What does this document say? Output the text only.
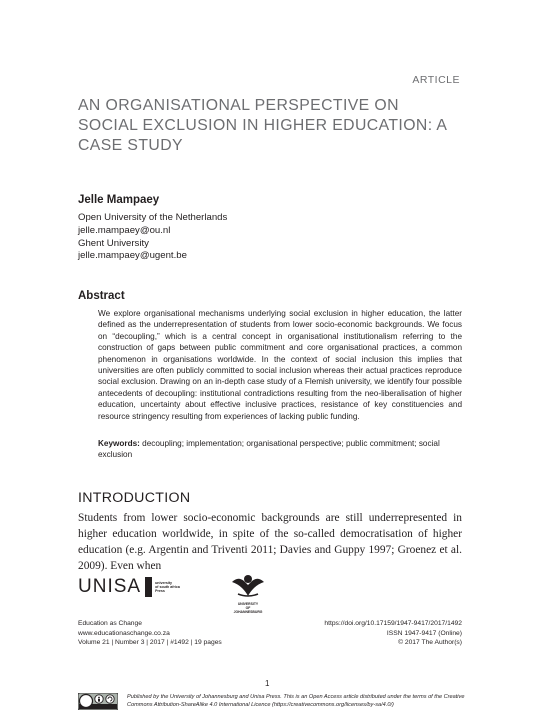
ARTICLE
AN ORGANISATIONAL PERSPECTIVE ON
SOCIAL EXCLUSION IN HIGHER EDUCATION: A
CASE STUDY
Jelle Mampaey
Open University of the Netherlands
jelle.mampaey@ou.nl
Ghent University
jelle.mampaey@ugent.be
Abstract
We explore organisational mechanisms underlying social exclusion in higher education, the latter defined as the underrepresentation of students from lower socio-economic backgrounds. We focus on “decoupling,” which is a central concept in organisational institutionalism referring to the construction of gaps between public commitment and core organisational practices, a common phenomenon in organisations worldwide. In the context of social inclusion this implies that universities are often publicly committed to social inclusion whereas their actual practices reproduce social exclusion. Drawing on an in-depth case study of a Flemish university, we identify four possible antecedents of decoupling: institutional contradictions resulting from the neo-liberalisation of higher education, uncertainty about effective inclusive practices, resistance of key constituencies and resource stringency resulting from experiences of lacking public funding.
Keywords: decoupling; implementation; organisational perspective; public commitment; social exclusion
INTRODUCTION
Students from lower socio-economic backgrounds are still underrepresented in higher education worldwide, in spite of the so-called democratisation of higher education (e.g. Argentin and Triventi 2011; Davies and Guppy 1997; Groenez et al. 2009). Even when
UNISA	university
of south africa
Press
UNIVERSITY
OF
JOHANNESBURG
Education as Change
www.educationaschange.co.za
Volume 21 | Number 3 | 2017 | #1492 | 19 pages
https://doi.org/10.17159/1947-9417/2017/1492
ISSN 1947-9417 (Online)
© 2017 The Author(s)
1
Published by the University of Johannesburg and Unisa Press. This is an Open Access article distributed under the terms of the Creative Commons Attribution-ShareAlike 4.0 International Licence (https://creativecommons.org/licenses/by-sa/4.0/)
